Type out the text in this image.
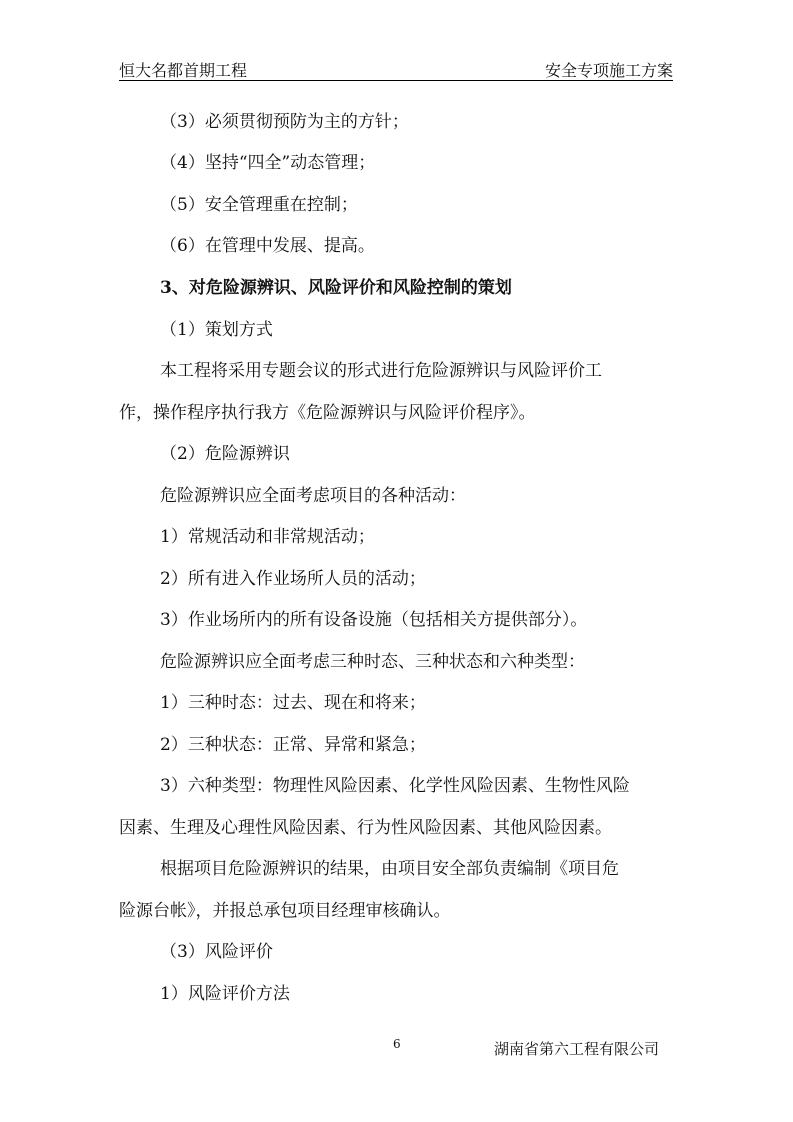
恒大名都首期工程	安全专项施工方案
（3）必须贯彻预防为主的方针；
（4）坚持“四全”动态管理；
（5）安全管理重在控制；
（6）在管理中发展、提高。
3、对危险源辨识、风险评价和风险控制的策划
（1）策划方式
本工程将采用专题会议的形式进行危险源辨识与风险评价工
作，操作程序执行我方《危险源辨识与风险评价程序》。
（2）危险源辨识
危险源辨识应全面考虑项目的各种活动：
1）常规活动和非常规活动；
2）所有进入作业场所人员的活动；
3）作业场所内的所有设备设施（包括相关方提供部分）。
危险源辨识应全面考虑三种时态、三种状态和六种类型：
1）三种时态：过去、现在和将来；
2）三种状态：正常、异常和紧急；
3）六种类型：物理性风险因素、化学性风险因素、生物性风险
因素、生理及心理性风险因素、行为性风险因素、其他风险因素。
根据项目危险源辨识的结果，由项目安全部负责编制《项目危
险源台帐》，并报总承包项目经理审核确认。
（3）风险评价
1）风险评价方法
6	湖南省第六工程有限公司
